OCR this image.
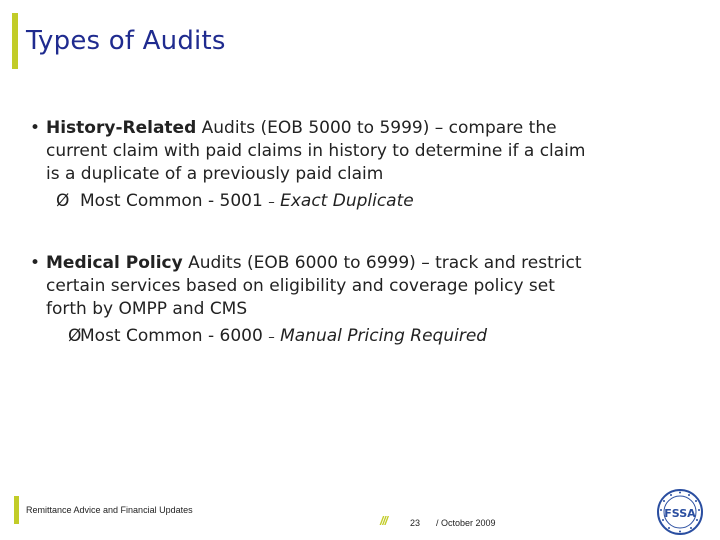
Types of Audits
• History-Related Audits (EOB 5000 to 5999) – compare the current claim with paid claims in history to determine if a claim is a duplicate of a previously paid claim
Ø Most Common - 5001 – Exact Duplicate
• Medical Policy Audits (EOB 6000 to 6999) – track and restrict certain services based on eligibility and coverage policy set forth by OMPP and CMS
Ø
Most Common - 6000 – Manual Pricing Required
Remittance Advice and Financial Updates
///	23 / October 2009
FSSA
